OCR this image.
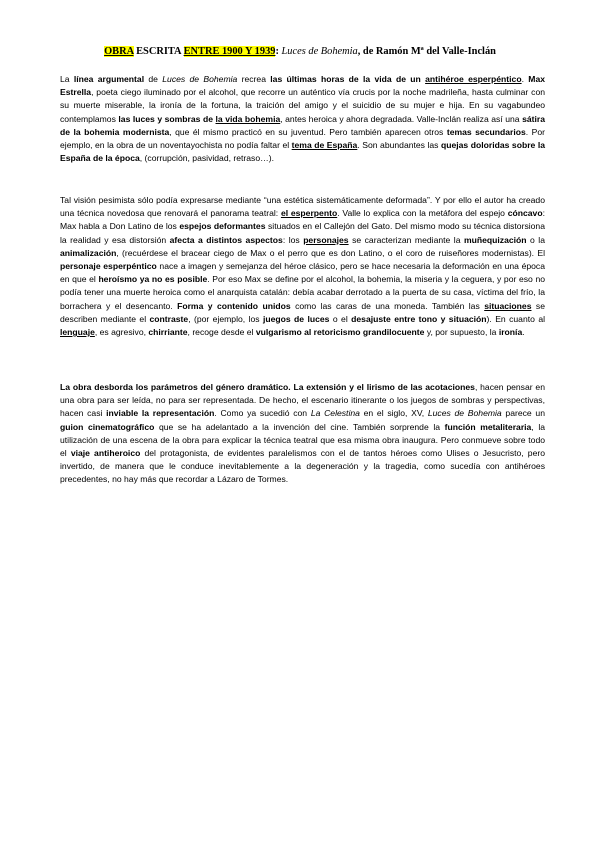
OBRA ESCRITA ENTRE 1900 Y 1939: Luces de Bohemia, de Ramón Mª del Valle-Inclán
La línea argumental de Luces de Bohemia recrea las últimas horas de la vida de un antihéroe esperpéntico. Max Estrella, poeta ciego iluminado por el alcohol, que recorre un auténtico vía crucis por la noche madrileña, hasta culminar con su muerte miserable, la ironía de la fortuna, la traición del amigo y el suicidio de su mujer e hija. En su vagabundeo contemplamos las luces y sombras de la vida bohemia, antes heroica y ahora degradada. Valle-Inclán realiza así una sátira de la bohemia modernista, que él mismo practicó en su juventud. Pero también aparecen otros temas secundarios. Por ejemplo, en la obra de un noventayochista no podía faltar el tema de España. Son abundantes las quejas doloridas sobre la España de la época, (corrupción, pasividad, retraso…).
Tal visión pesimista sólo podía expresarse mediante “una estética sistemáticamente deformada”. Y por ello el autor ha creado una técnica novedosa que renovará el panorama teatral: el esperpento. Valle lo explica con la metáfora del espejo cóncavo: Max habla a Don Latino de los espejos deformantes situados en el Callejón del Gato. Del mismo modo su técnica distorsiona la realidad y esa distorsión afecta a distintos aspectos: los personajes se caracterizan mediante la muñequización o la animalización, (recuérdese el bracear ciego de Max o el perro que es don Latino, o el coro de ruiseñores modernistas). El personaje esperpéntico nace a imagen y semejanza del héroe clásico, pero se hace necesaria la deformación en una época en que el heroísmo ya no es posible. Por eso Max se define por el alcohol, la bohemia, la miseria y la ceguera, y por eso no podía tener una muerte heroica como el anarquista catalán: debía acabar derrotado a la puerta de su casa, víctima del frío, la borrachera y el desencanto. Forma y contenido unidos como las caras de una moneda. También las situaciones se describen mediante el contraste, (por ejemplo, los juegos de luces o el desajuste entre tono y situación). En cuanto al lenguaje, es agresivo, chirriante, recoge desde el vulgarismo al retoricismo grandilocuente y, por supuesto, la ironía.
La obra desborda los parámetros del género dramático. La extensión y el lirismo de las acotaciones, hacen pensar en una obra para ser leída, no para ser representada. De hecho, el escenario itinerante o los juegos de sombras y perspectivas, hacen casi inviable la representación. Como ya sucedió con La Celestina en el siglo, XV, Luces de Bohemia parece un guion cinematográfico que se ha adelantado a la invención del cine. También sorprende la función metaliteraria, la utilización de una escena de la obra para explicar la técnica teatral que esa misma obra inaugura. Pero conmueve sobre todo el viaje antiheroico del protagonista, de evidentes paralelismos con el de tantos héroes como Ulises o Jesucristo, pero invertido, de manera que le conduce inevitablemente a la degeneración y la tragedia, como sucedía con antihéroes precedentes, no hay más que recordar a Lázaro de Tormes.
